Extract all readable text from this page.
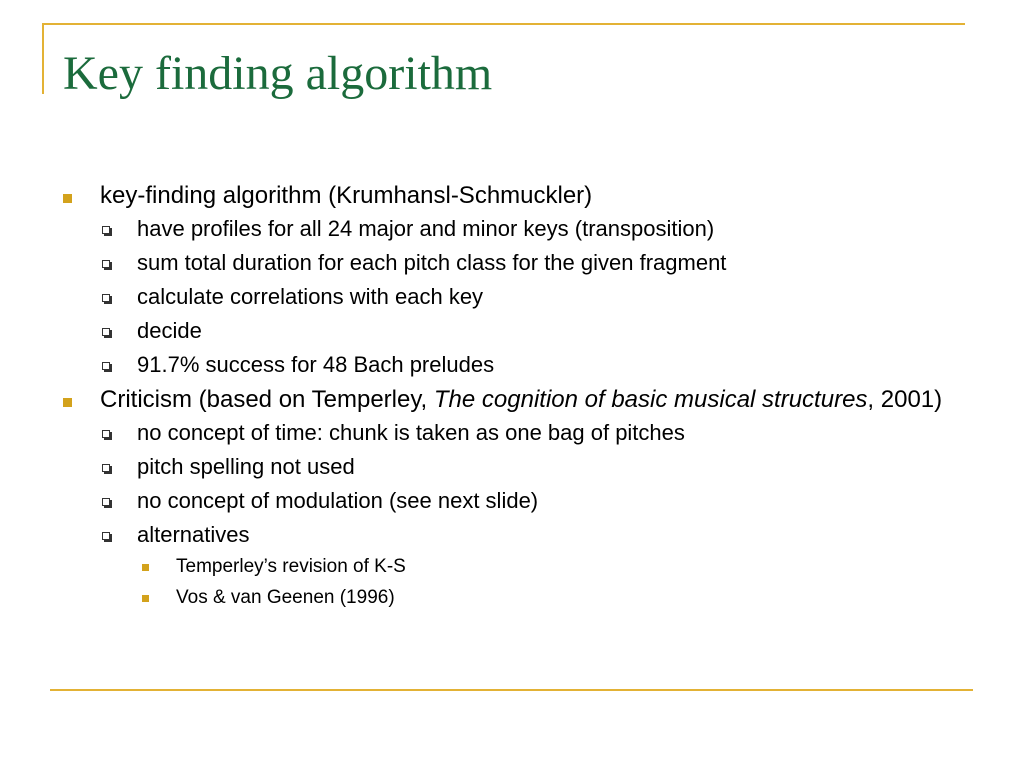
Key finding algorithm
key-finding algorithm (Krumhansl-Schmuckler)
have profiles for all 24 major and minor keys (transposition)
sum total duration for each pitch class for the given fragment
calculate correlations with each key
decide
91.7% success for 48 Bach preludes
Criticism (based on Temperley, The cognition of basic musical structures, 2001)
no concept of time: chunk is taken as one bag of pitches
pitch spelling not used
no concept of modulation (see next slide)
alternatives
Temperley’s revision of K-S
Vos & van Geenen (1996)
